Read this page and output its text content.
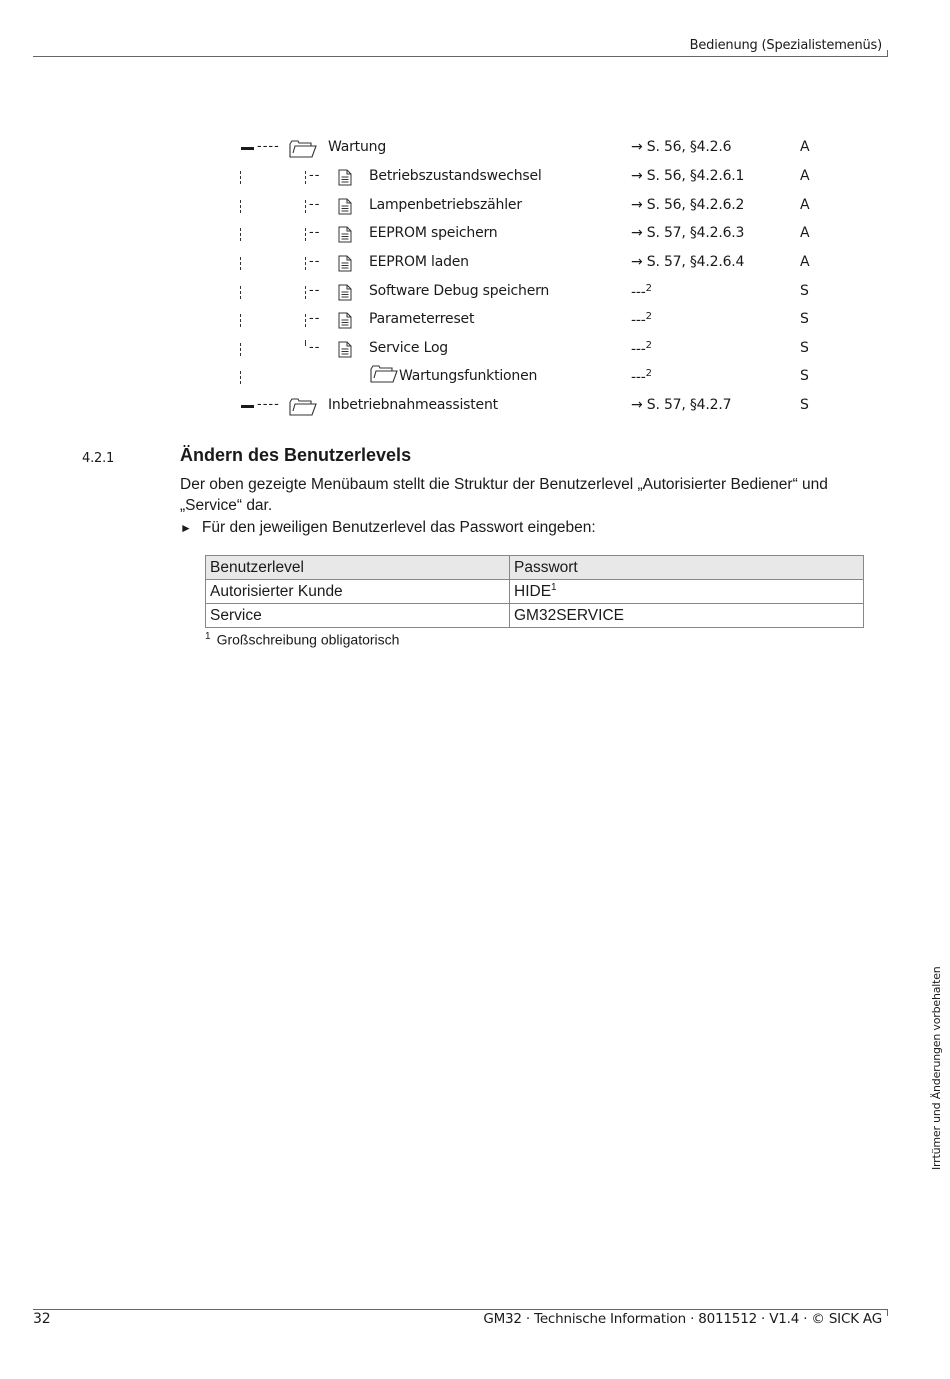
Bedienung (Spezialistemenüs)
----	Wartung	→ S. 56, §4.2.6	A
--	Betriebszustandswechsel	→ S. 56, §4.2.6.1	A
--	Lampenbetriebszähler	→ S. 56, §4.2.6.2	A
--	EEPROM speichern	→ S. 57, §4.2.6.3	A
--	EEPROM laden	→ S. 57, §4.2.6.4	A
--	Software Debug speichern	---$^2$	S
--	Parameterreset	---$^2$	S
--	Service Log	---$^2$	S
Wartungsfunktionen	---$^2$	S
----	Inbetriebnahmeassistent	→ S. 57, §4.2.7	S
4.2.1	Ändern des Benutzerlevels
Der oben gezeigte Menübaum stellt die Struktur der Benutzerlevel „Autorisierter Bediener“ und „Service“ dar.
► Für den jeweiligen Benutzerlevel das Passwort eingeben:
Benutzerlevel	Passwort
Autorisierter Kunde	HIDE$^1$
Service	GM32SERVICE
$^1$ Großschreibung obligatorisch
Irrtümer und Änderungen vorbehalten
32	GM32 · Technische Information · 8011512 · V1.4 · © SICK AG
